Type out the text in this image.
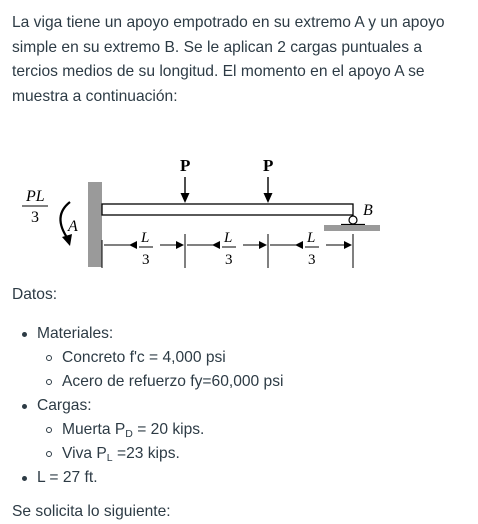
La viga tiene un apoyo empotrado en su extremo A y un apoyo simple en su extremo B. Se le aplican 2 cargas puntuales a tercios medios de su longitud. El momento en el apoyo A se muestra a continuación:

P	P
PL
3
A
B
L
3
L
3
L
3

Datos:

Materiales:
Concreto f'c = 4,000 psi
Acero de refuerzo fy=60,000 psi
Cargas:
Muerta $P_D = 20$ kips.
Viva $P_L =23$ kips.
L = 27 ft.
Se solicita lo siguiente:
